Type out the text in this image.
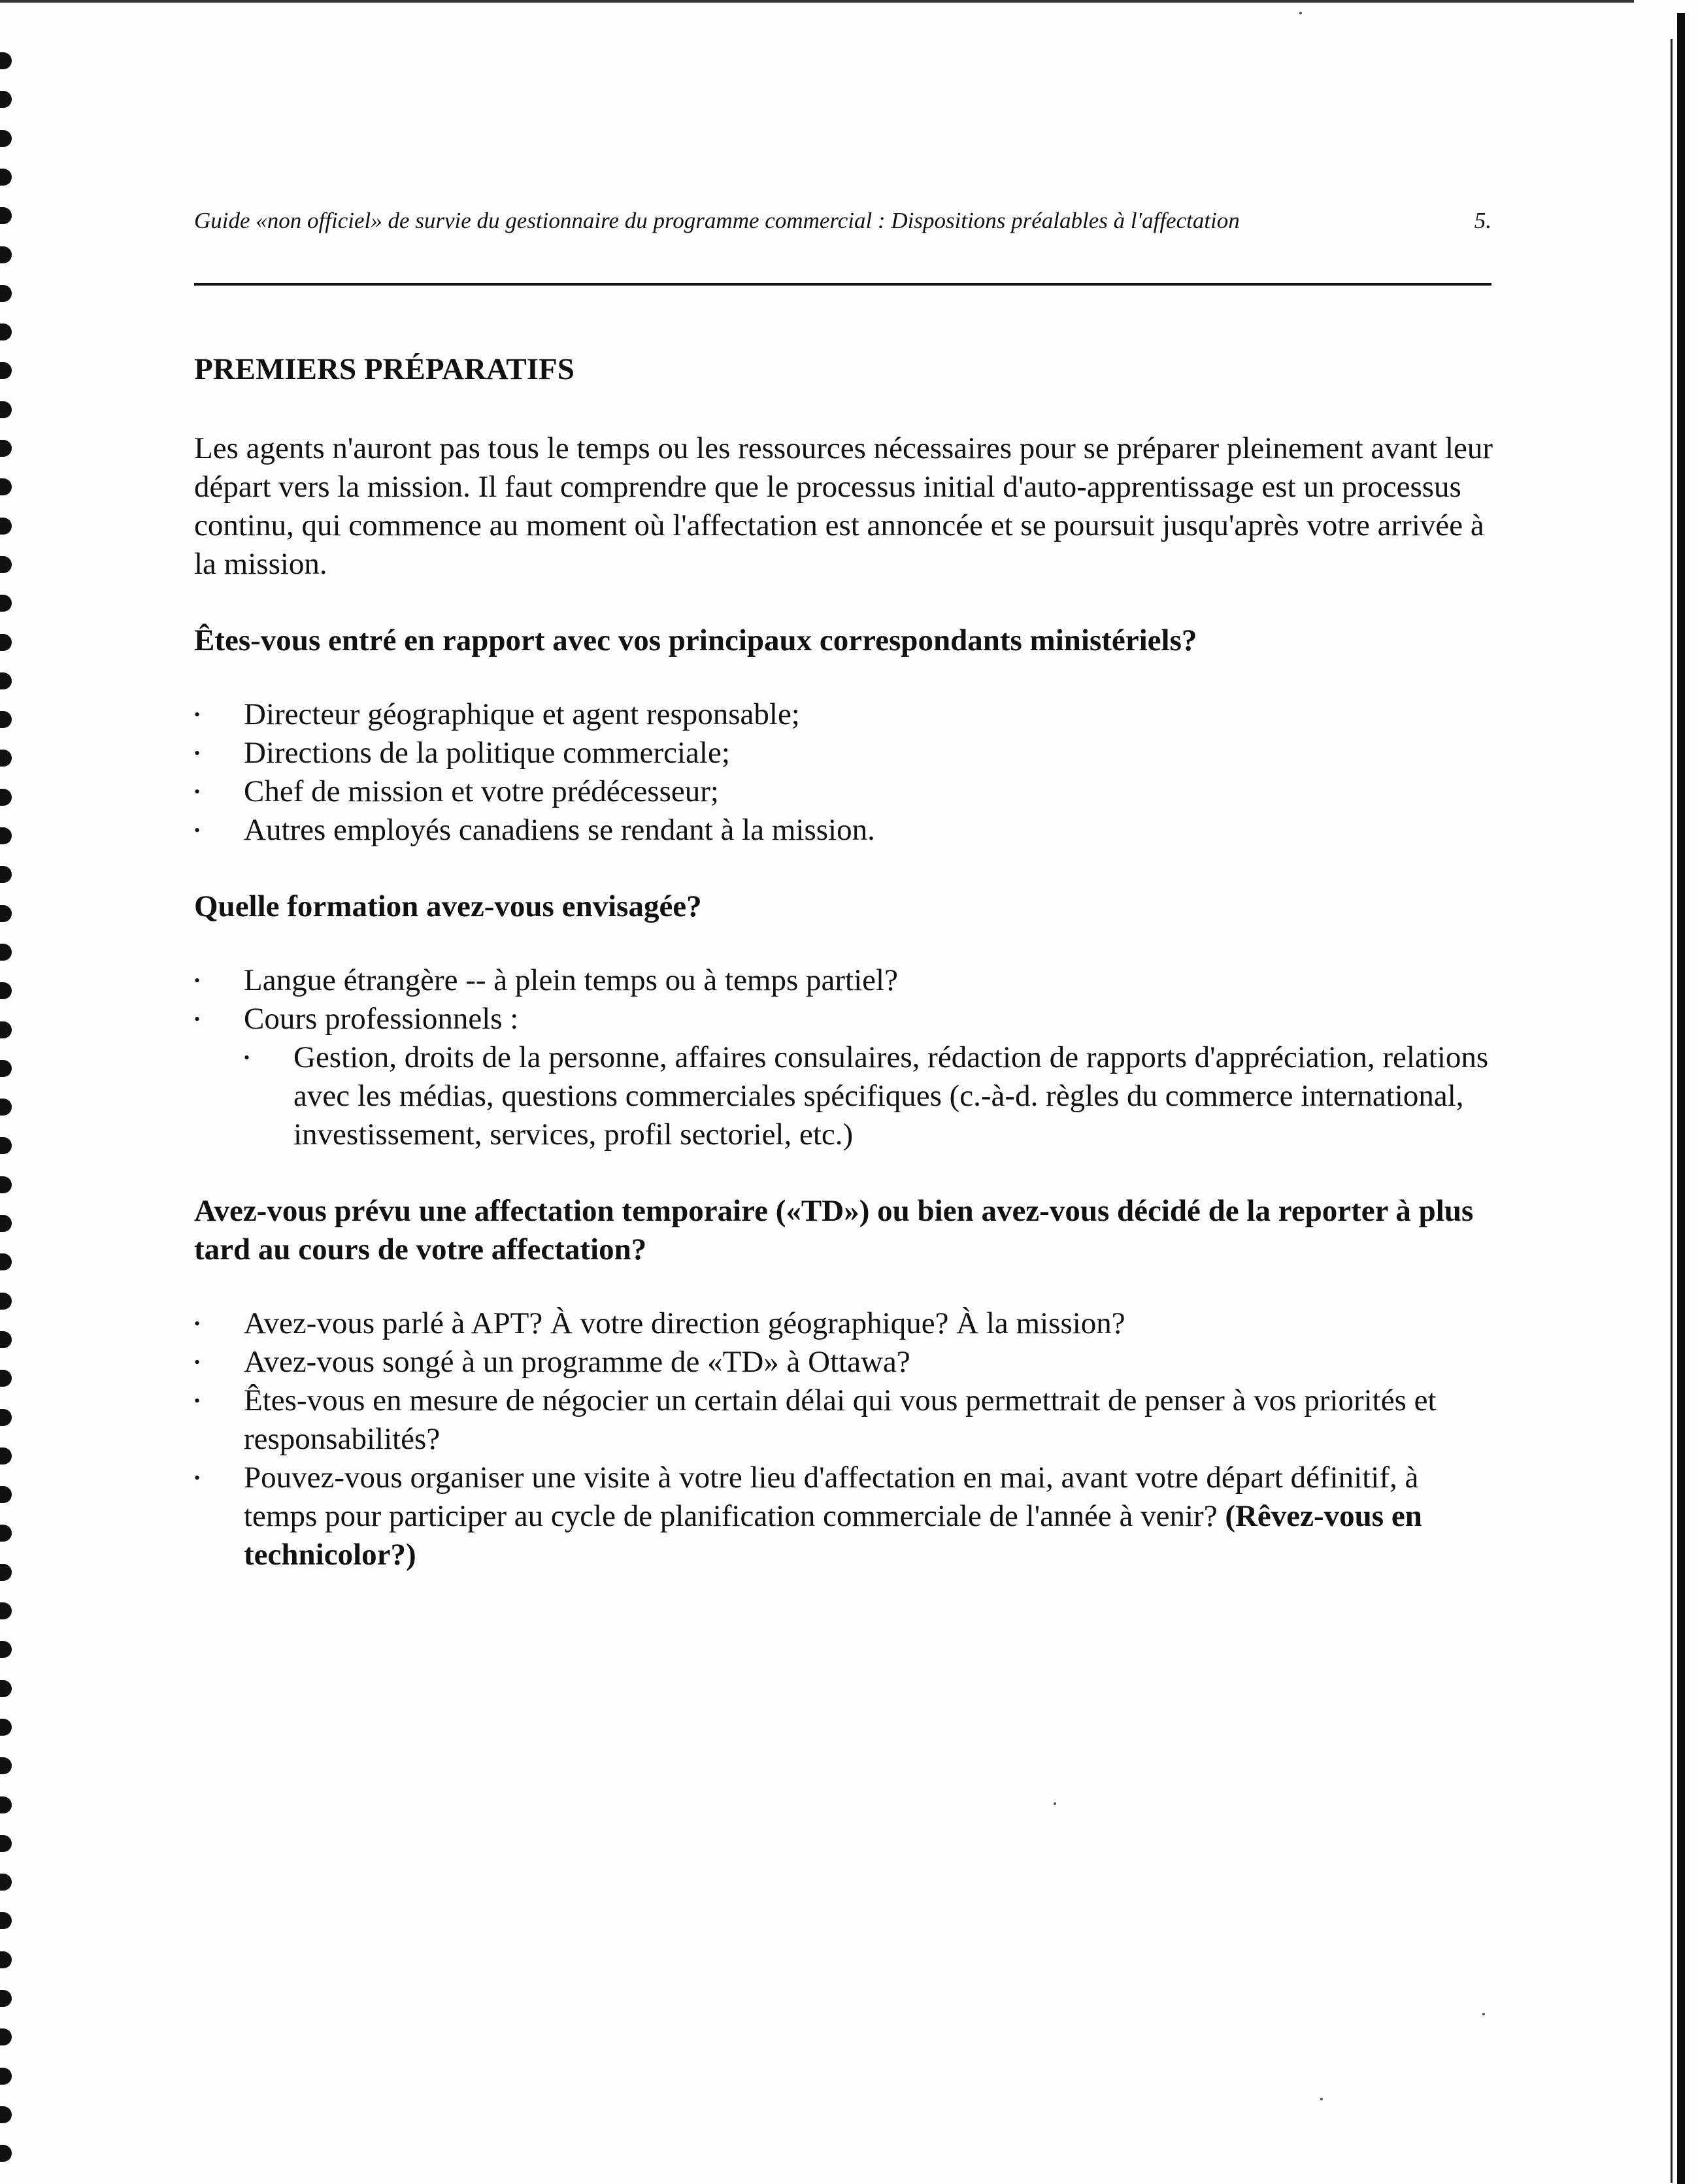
Guide «non officiel» de survie du gestionnaire du programme commercial : Dispositions préalables à l'affectation	5.
PREMIERS PRÉPARATIFS
Les agents n'auront pas tous le temps ou les ressources nécessaires pour se préparer pleinement avant leur départ vers la mission. Il faut comprendre que le processus initial d'auto-apprentissage est un processus continu, qui commence au moment où l'affectation est annoncée et se poursuit jusqu'après votre arrivée à la mission.
Êtes-vous entré en rapport avec vos principaux correspondants ministériels?
• Directeur géographique et agent responsable;
• Directions de la politique commerciale;
• Chef de mission et votre prédécesseur;
• Autres employés canadiens se rendant à la mission.
Quelle formation avez-vous envisagée?
• Langue étrangère -- à plein temps ou à temps partiel?
• Cours professionnels :
• Gestion, droits de la personne, affaires consulaires, rédaction de rapports d'appréciation, relations avec les médias, questions commerciales spécifiques (c.-à-d. règles du commerce international, investissement, services, profil sectoriel, etc.)
Avez-vous prévu une affectation temporaire («TD») ou bien avez-vous décidé de la reporter à plus tard au cours de votre affectation?
• Avez-vous parlé à APT? À votre direction géographique? À la mission?
• Avez-vous songé à un programme de «TD» à Ottawa?
• Êtes-vous en mesure de négocier un certain délai qui vous permettrait de penser à vos priorités et responsabilités?
• Pouvez-vous organiser une visite à votre lieu d'affectation en mai, avant votre départ définitif, à temps pour participer au cycle de planification commerciale de l'année à venir? (Rêvez-vous en technicolor?)
